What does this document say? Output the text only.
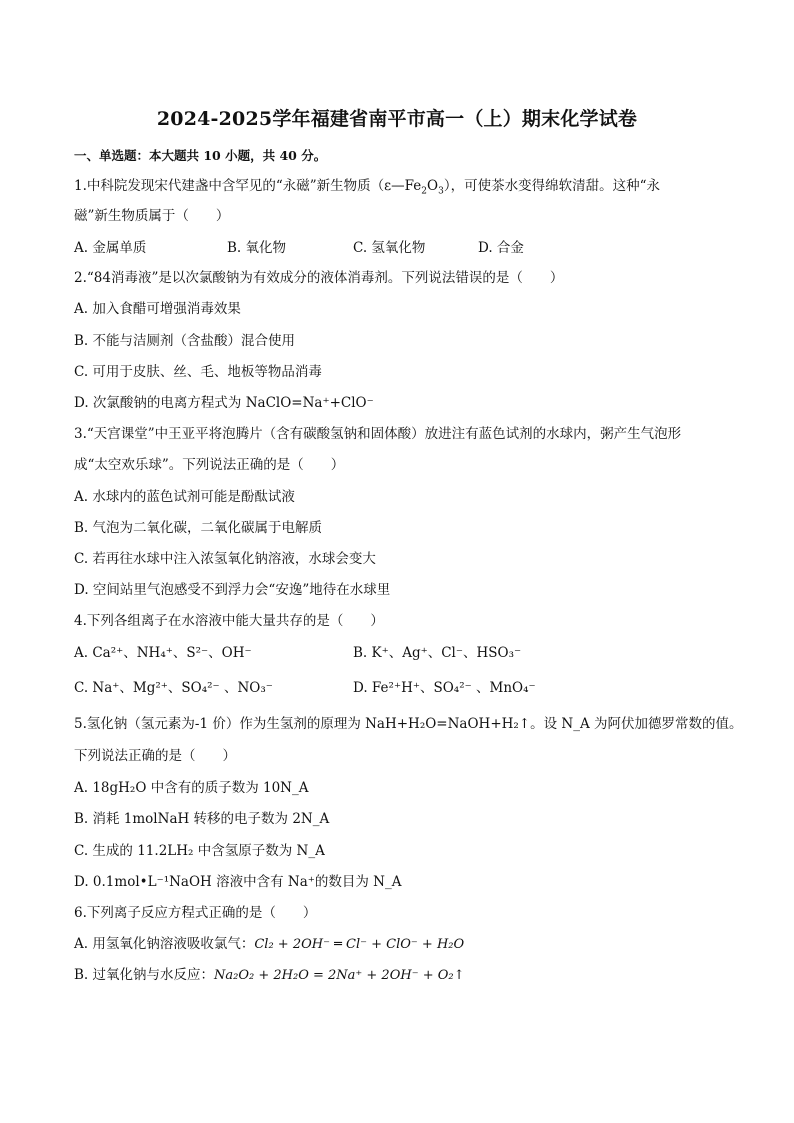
2024-2025学年福建省南平市高一（上）期末化学试卷
一、单选题：本大题共 10 小题，共 40 分。
1.中科院发现宋代建盏中含罕见的“永磁”新生物质$(\varepsilon—Fe_2O_3)$，可使茶水变得绵软清甜。这种“永
磁”新生物质属于（　　）
A. 金属单质	B. 氧化物	C. 氢氧化物	D. 合金
2.“84消毒液”是以次氯酸钠为有效成分的液体消毒剂。下列说法错误的是（　　）
A. 加入食醋可增强消毒效果
B. 不能与洁厕剂（含盐酸）混合使用
C. 可用于皮肤、丝、毛、地板等物品消毒
D. 次氯酸钠的电离方程式为 NaClO=Na⁺+ClO⁻
3.“天宫课堂”中王亚平将泡腾片（含有碳酸氢钠和固体酸）放进注有蓝色试剂的水球内，粥产生气泡形
成“太空欢乐球”。下列说法正确的是（　　）
A. 水球内的蓝色试剂可能是酚酞试液
B. 气泡为二氧化碳，二氧化碳属于电解质
C. 若再往水球中注入浓氢氧化钠溶液，水球会变大
D. 空间站里气泡感受不到浮力会“安逸”地待在水球里
4.下列各组离子在水溶液中能大量共存的是（　　）
A. Ca²⁺、NH₄⁺、S²⁻、OH⁻	B. K⁺、Ag⁺、Cl⁻、HSO₃⁻
C. Na⁺、Mg²⁺、SO₄²⁻ 、NO₃⁻	D. Fe²⁺H⁺、SO₄²⁻ 、MnO₄⁻
5.氢化钠（氢元素为-1 价）作为生氢剂的原理为 NaH+H₂O=NaOH+H₂↑。设 N_A 为阿伏加德罗常数的值。
下列说法正确的是（　　）
A. 18gH₂O 中含有的质子数为 10N_A
B. 消耗 1molNaH 转移的电子数为 2N_A
C. 生成的 11.2LH₂ 中含氢原子数为 N_A
D. 0.1mol•L⁻¹NaOH 溶液中含有 Na⁺的数目为 N_A
6.下列离子反应方程式正确的是（　　）
A. 用氢氧化钠溶液吸收氯气：Cl₂ + 2OH⁻ ═ Cl⁻ + ClO⁻ + H₂O
B. 过氧化钠与水反应：Na₂O₂ + 2H₂O = 2Na⁺ + 2OH⁻ + O₂↑
